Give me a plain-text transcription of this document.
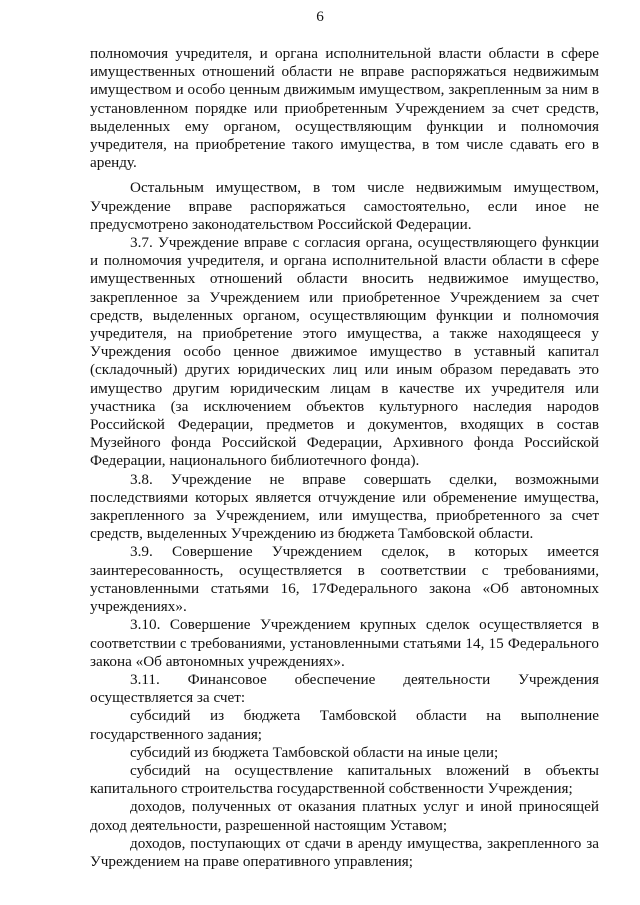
6

полномочия учредителя, и органа исполнительной власти области в сфере имущественных отношений области не вправе распоряжаться недвижимым имуществом и особо ценным движимым имуществом, закрепленным за ним в установленном порядке или приобретенным Учреждением за счет средств, выделенных ему органом, осуществляющим функции и полномочия учредителя, на приобретение такого имущества, в том числе сдавать его в аренду.

Остальным имуществом, в том числе недвижимым имуществом, Учреждение вправе распоряжаться самостоятельно, если иное не предусмотрено законодательством Российской Федерации.

3.7. Учреждение вправе с согласия органа, осуществляющего функции и полномочия учредителя, и органа исполнительной власти области в сфере имущественных отношений области вносить недвижимое имущество, закрепленное за Учреждением или приобретенное Учреждением за счет средств, выделенных органом, осуществляющим функции и полномочия учредителя, на приобретение этого имущества, а также находящееся у Учреждения особо ценное движимое имущество в уставный капитал (складочный) других юридических лиц или иным образом передавать это имущество другим юридическим лицам в качестве их учредителя или участника (за исключением объектов культурного наследия народов Российской Федерации, предметов и документов, входящих в состав Музейного фонда Российской Федерации, Архивного фонда Российской Федерации, национального библиотечного фонда).

3.8. Учреждение не вправе совершать сделки, возможными последствиями которых является отчуждение или обременение имущества, закрепленного за Учреждением, или имущества, приобретенного за счет средств, выделенных Учреждению из бюджета Тамбовской области.

3.9. Совершение Учреждением сделок, в которых имеется заинтересованность, осуществляется в соответствии с требованиями, установленными статьями 16, 17Федерального закона «Об автономных учреждениях».

3.10. Совершение Учреждением крупных сделок осуществляется в соответствии с требованиями, установленными статьями 14, 15 Федерального закона «Об автономных учреждениях».

3.11. Финансовое обеспечение деятельности Учреждения осуществляется за счет:

субсидий из бюджета Тамбовской области на выполнение государственного задания;

субсидий из бюджета Тамбовской области на иные цели;

субсидий на осуществление капитальных вложений в объекты капитального строительства государственной собственности Учреждения;

доходов, полученных от оказания платных услуг и иной приносящей доход деятельности, разрешенной настоящим Уставом;

доходов, поступающих от сдачи в аренду имущества, закрепленного за Учреждением на праве оперативного управления;
